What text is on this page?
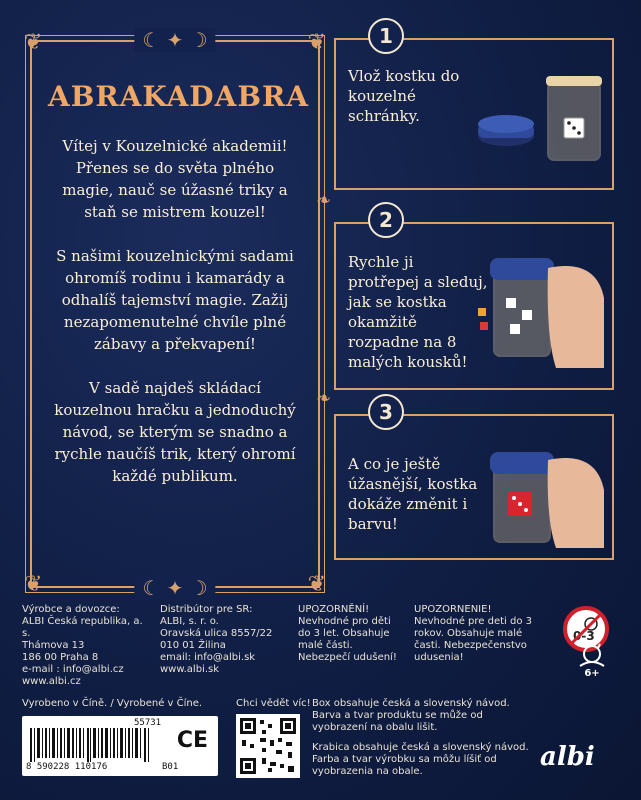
❦	❦
❦	❦
☾ ✦ ☽
☾ ✦ ☽
ABRAKADABRA

Vítej v Kouzelnické akademii! Přenes se do světa plného magie, nauč se úžasné triky a staň se mistrem kouzel!

S našimi kouzelnickými sadami ohromíš rodinu i kamarády a odhalíš tajemství magie. Zažij nezapomenutelné chvíle plné zábavy a překvapení!

V sadě najdeš skládací kouzelnou hračku a jednoduchý návod, se kterým se snadno a rychle naučíš trik, který ohromí každé publikum.

❧
❧
1
Vlož kostku do kouzelné schránky.
2
Rychle ji protřepej a sleduj, jak se kostka okamžitě rozpadne na 8 malých kousků!
3
A co je ještě úžasnější, kostka dokáže změnit i barvu!
Výrobce a dovozce:
ALBI Česká republika, a. s.
Thámova 13
186 00 Praha 8
e-mail : info@albi.cz
www.albi.cz
Distribútor pre SR:
ALBI, s. r. o.
Oravská ulica 8557/22
010 01 Žilina
email: info@albi.sk
www.albi.sk
UPOZORNĚNÍ!
Nevhodné pro děti do 3 let. Obsahuje malé části. Nebezpečí udušení!
UPOZORNENIE!
Nevhodné pre deti do 3 rokov. Obsahuje malé časti. Nebezpečenstvo udusenia!
0-3
6+
Vyrobeno v Číně. / Vyrobené v Číne.
55731
8 590228 110176	B01
CE
Chci vědět víc! Box obsahuje česká a slovenský návod. Barva a tvar produktu se může od vyobrazení na obalu lišit.

Krabica obsahuje česká a slovenský návod. Farba a tvar výrobku sa môžu líšiť od vyobrazenia na obale.	albi
